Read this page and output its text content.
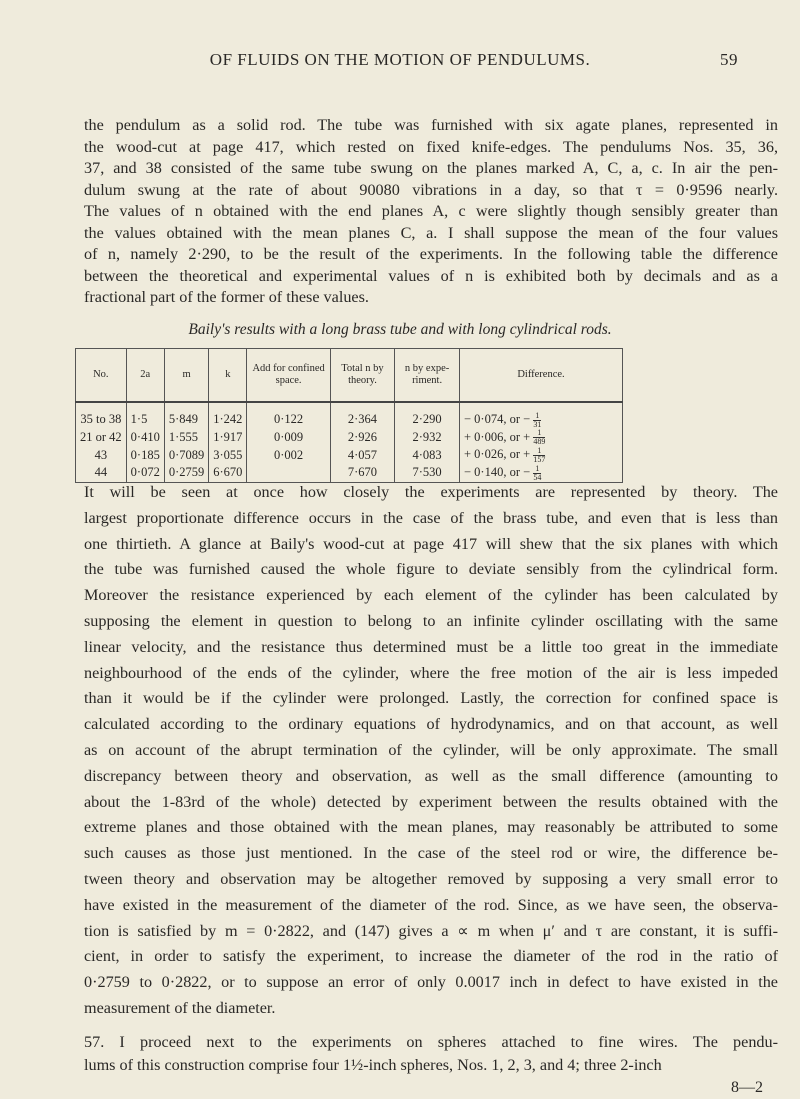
OF FLUIDS ON THE MOTION OF PENDULUMS.	59
the pendulum as a solid rod. The tube was furnished with six agate planes, represented in
the wood-cut at page 417, which rested on fixed knife-edges. The pendulums Nos. 35, 36,
37, and 38 consisted of the same tube swung on the planes marked A, C, a, c. In air the pen-
dulum swung at the rate of about 90080 vibrations in a day, so that τ = 0·9596 nearly.
The values of n obtained with the end planes A, c were slightly though sensibly greater than
the values obtained with the mean planes C, a. I shall suppose the mean of the four values
of n, namely 2·290, to be the result of the experiments. In the following table the difference
between the theoretical and experimental values of n is exhibited both by decimals and as a
fractional part of the former of these values.
Baily's results with a long brass tube and with long cylindrical rods.
No.	2a	m	k	Add for confined space.	Total n by theory.	n by expe-riment.	Difference.
35 to 38	1·5	5·849	1·242	0·122	2·364	2·290	− 0·074, or − $\frac{1}{31}$

21 or 42	0·410	1·555	1·917	0·009	2·926	2·932	+ 0·006, or + $\frac{1}{489}$

43	0·185	0·7089	3·055	0·002	4·057	4·083	+ 0·026, or + $\frac{1}{157}$

44	0·072	0·2759	6·670		7·670	7·530	− 0·140, or − $\frac{1}{54}$
It will be seen at once how closely the experiments are represented by theory. The
largest proportionate difference occurs in the case of the brass tube, and even that is less than
one thirtieth. A glance at Baily's wood-cut at page 417 will shew that the six planes with which
the tube was furnished caused the whole figure to deviate sensibly from the cylindrical form.
Moreover the resistance experienced by each element of the cylinder has been calculated by
supposing the element in question to belong to an infinite cylinder oscillating with the same
linear velocity, and the resistance thus determined must be a little too great in the immediate
neighbourhood of the ends of the cylinder, where the free motion of the air is less impeded
than it would be if the cylinder were prolonged. Lastly, the correction for confined space is
calculated according to the ordinary equations of hydrodynamics, and on that account, as well
as on account of the abrupt termination of the cylinder, will be only approximate. The small
discrepancy between theory and observation, as well as the small difference (amounting to
about the 1-83rd of the whole) detected by experiment between the results obtained with the
extreme planes and those obtained with the mean planes, may reasonably be attributed to some
such causes as those just mentioned. In the case of the steel rod or wire, the difference be-
tween theory and observation may be altogether removed by supposing a very small error to
have existed in the measurement of the diameter of the rod. Since, as we have seen, the observa-
tion is satisfied by m = 0·2822, and (147) gives a ∝ m when μ′ and τ are constant, it is suffi-
cient, in order to satisfy the experiment, to increase the diameter of the rod in the ratio of
0·2759 to 0·2822, or to suppose an error of only 0.0017 inch in defect to have existed in the
measurement of the diameter.
57. I proceed next to the experiments on spheres attached to fine wires. The pendu-
lums of this construction comprise four 1½-inch spheres, Nos. 1, 2, 3, and 4; three 2-inch
8—2
